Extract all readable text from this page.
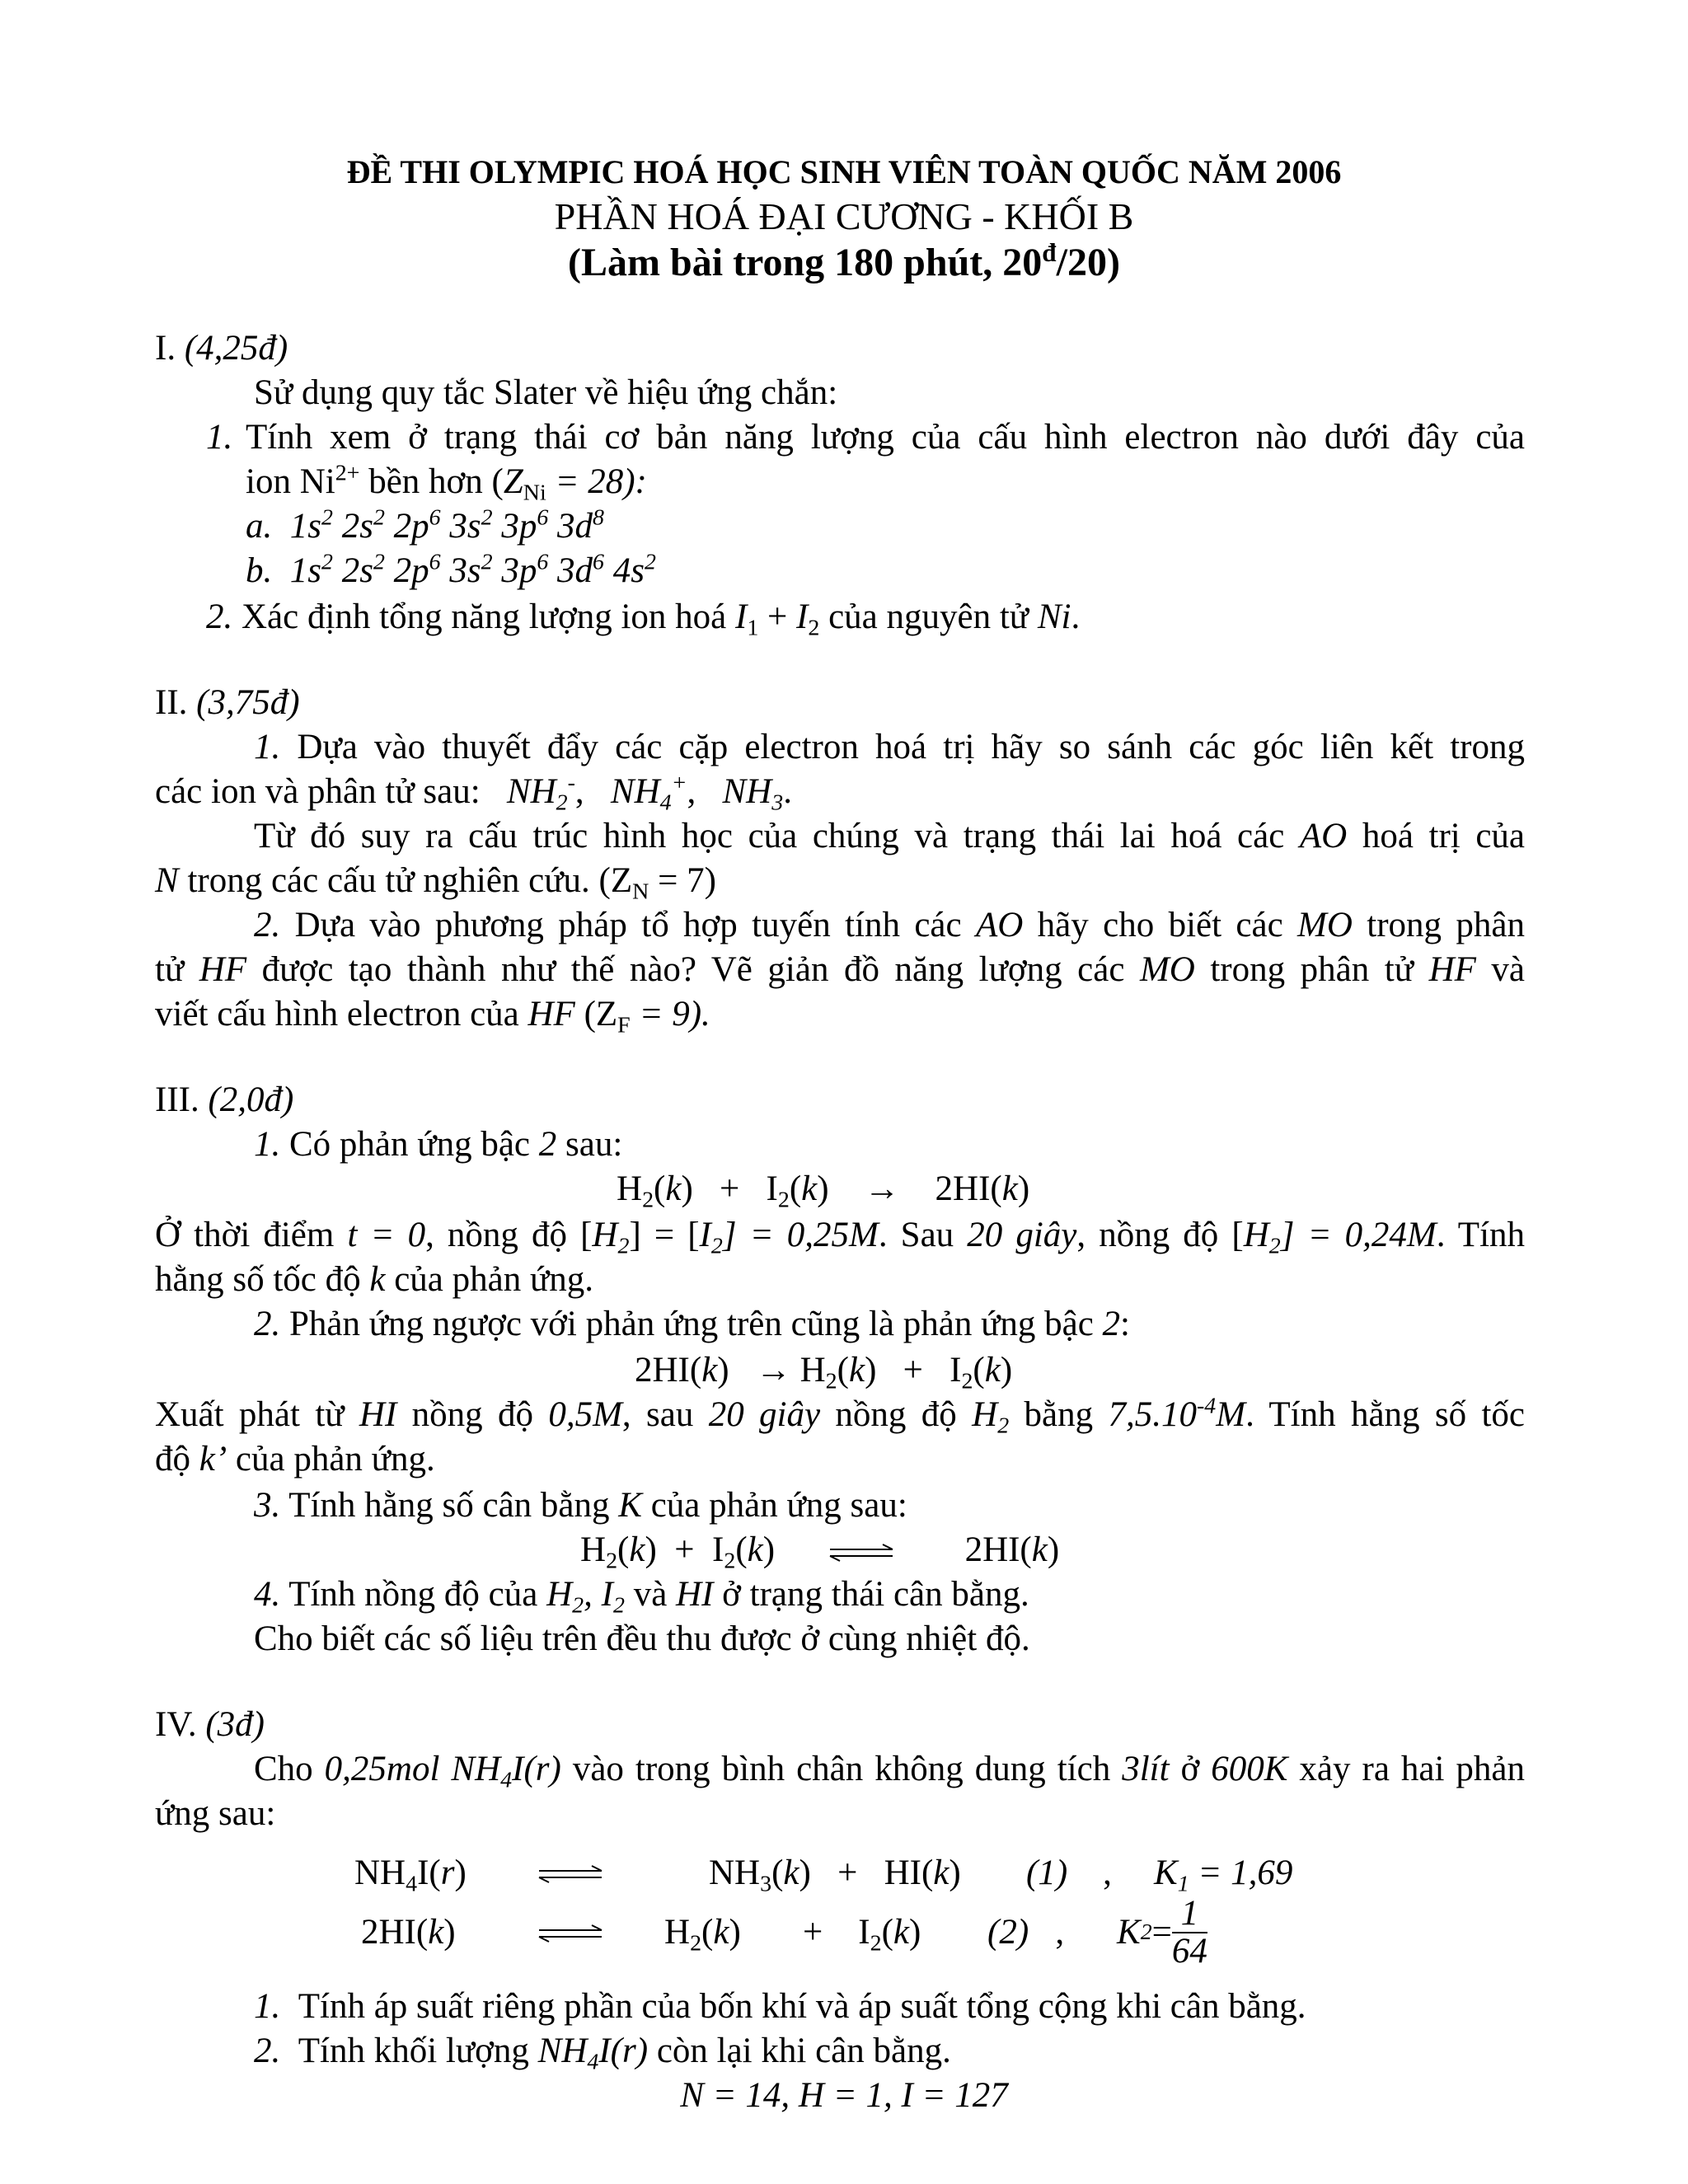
ĐỀ THI OLYMPIC HOÁ HỌC SINH VIÊN TOÀN QUỐC NĂM 2006
PHẦN HOÁ ĐẠI CƯƠNG - KHỐI B
(Làm bài trong 180 phút, $20^đ/20$)
I. (4,25đ)
Sử dụng quy tắc Slater về hiệu ứng chắn:
1. Tính xem ở trạng thái cơ bản năng lượng của cấu hình electron nào dưới đây của
ion $Ni^{2+}$ bền hơn $(Z_{Ni} = 28)$:
a.  $1s^2$ $2s^2$ $2p^6$ $3s^2$ $3p^6$ $3d^8$
b.  $1s^2$ $2s^2$ $2p^6$ $3s^2$ $3p^6$ $3d^6$ $4s^2$
2. Xác định tổng năng lượng ion hoá $I_1 + I_2$ của nguyên tử Ni.
II. (3,75đ)
1. Dựa vào thuyết đẩy các cặp electron hoá trị hãy so sánh các góc liên kết trong
các ion và phân tử sau: $NH_2^-$,   $NH_4^+$,   $NH_3$.
Từ đó suy ra cấu trúc hình học của chúng và trạng thái lai hoá các AO hoá trị của
N trong các cấu tử nghiên cứu. $(Z_N = 7)$
2. Dựa vào phương pháp tổ hợp tuyến tính các AO hãy cho biết các MO trong phân
tử HF được tạo thành như thế nào? Vẽ giản đồ năng lượng các MO trong phân tử HF và
viết cấu hình electron của HF $(Z_F = 9)$.
III. (2,0đ)
1. Có phản ứng bậc 2 sau:
$H_2(k) + I_2(k)$    →    2HI(k)
Ở thời điểm t = 0, nồng độ $[H_2] = [I_2] = 0,25M$. Sau 20 giây, nồng độ $[H_2] = 0,24M$. Tính
hằng số tốc độ k của phản ứng.
2. Phản ứng ngược với phản ứng trên cũng là phản ứng bậc 2:
$2HI(k) \to H_2(k) + I_2(k)$
Xuất phát từ HI nồng độ 0,5M, sau 20 giây nồng độ $H_2$ bằng $7,5.10^{-4}M$. Tính hằng số tốc
độ k’ của phản ứng.
3. Tính hằng số cân bằng K của phản ứng sau:
$H_2(k) + I_2(k)$ ⇌ 2HI(k)
4. Tính nồng độ của $H_2$, $I_2$ và HI ở trạng thái cân bằng.
Cho biết các số liệu trên đều thu được ở cùng nhiệt độ.
IV. (3đ)
Cho 0,25mol $NH_4I(r)$ vào trong bình chân không dung tích 3lít ở 600K xảy ra hai phản
ứng sau:
$NH_4I(r)$	$NH_3(k) + HI(k)$ (1)    , $K_1 = 1,69$
2HI(k)	$H_2(k)$       +    $I_2(k)$ (2)   , K $2 = \frac{1}{64}$
1. Tính áp suất riêng phần của bốn khí và áp suất tổng cộng khi cân bằng.
2. Tính khối lượng $NH_4I(r)$ còn lại khi cân bằng.
N = 14, H = 1, I = 127
